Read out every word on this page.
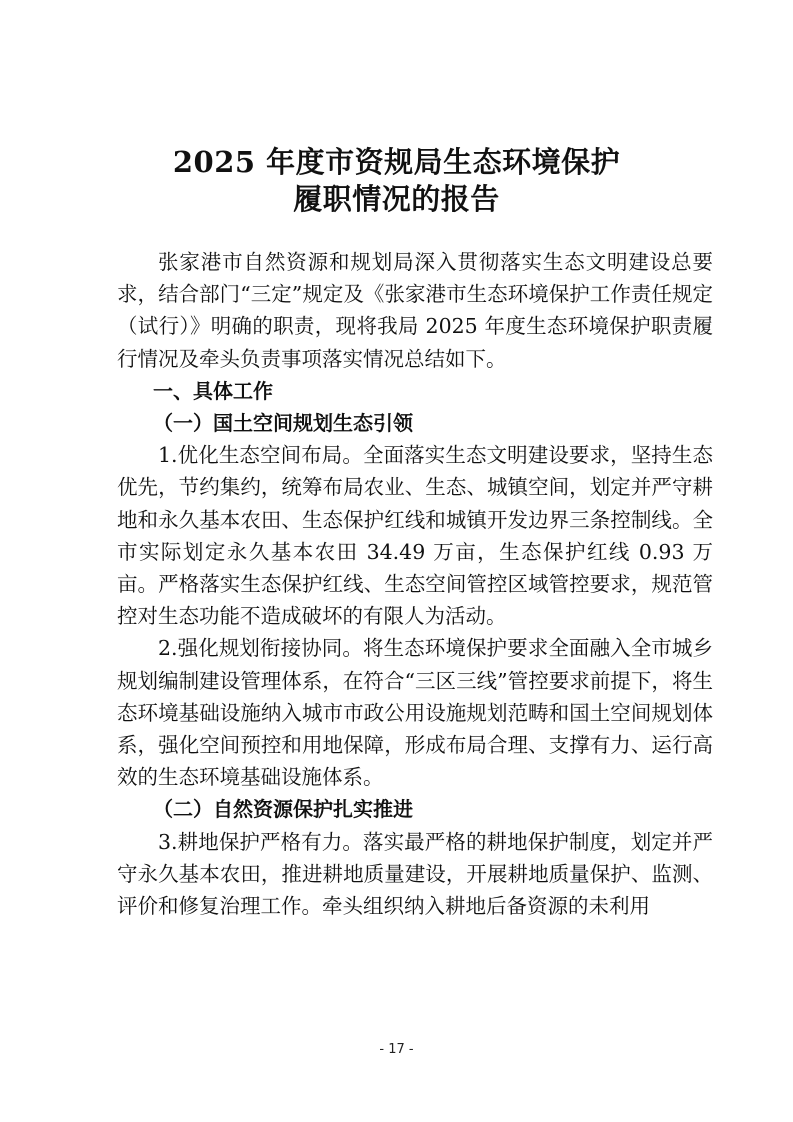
2025 年度市资规局生态环境保护
履职情况的报告

张家港市自然资源和规划局深入贯彻落实生态文明建设总要求，结合部门“三定”规定及《张家港市生态环境保护工作责任规定（试行）》明确的职责，现将我局 2025 年度生态环境保护职责履行情况及牵头负责事项落实情况总结如下。

一、具体工作
（一）国土空间规划生态引领

1.优化生态空间布局。全面落实生态文明建设要求，坚持生态优先，节约集约，统筹布局农业、生态、城镇空间，划定并严守耕地和永久基本农田、生态保护红线和城镇开发边界三条控制线。全市实际划定永久基本农田 34.49 万亩，生态保护红线 0.93 万亩。严格落实生态保护红线、生态空间管控区域管控要求，规范管控对生态功能不造成破坏的有限人为活动。

2.强化规划衔接协同。将生态环境保护要求全面融入全市城乡规划编制建设管理体系，在符合“三区三线”管控要求前提下，将生态环境基础设施纳入城市市政公用设施规划范畴和国土空间规划体系，强化空间预控和用地保障，形成布局合理、支撑有力、运行高效的生态环境基础设施体系。

（二）自然资源保护扎实推进

3.耕地保护严格有力。落实最严格的耕地保护制度，划定并严守永久基本农田，推进耕地质量建设，开展耕地质量保护、监测、评价和修复治理工作。牵头组织纳入耕地后备资源的未利用

- 17 -
